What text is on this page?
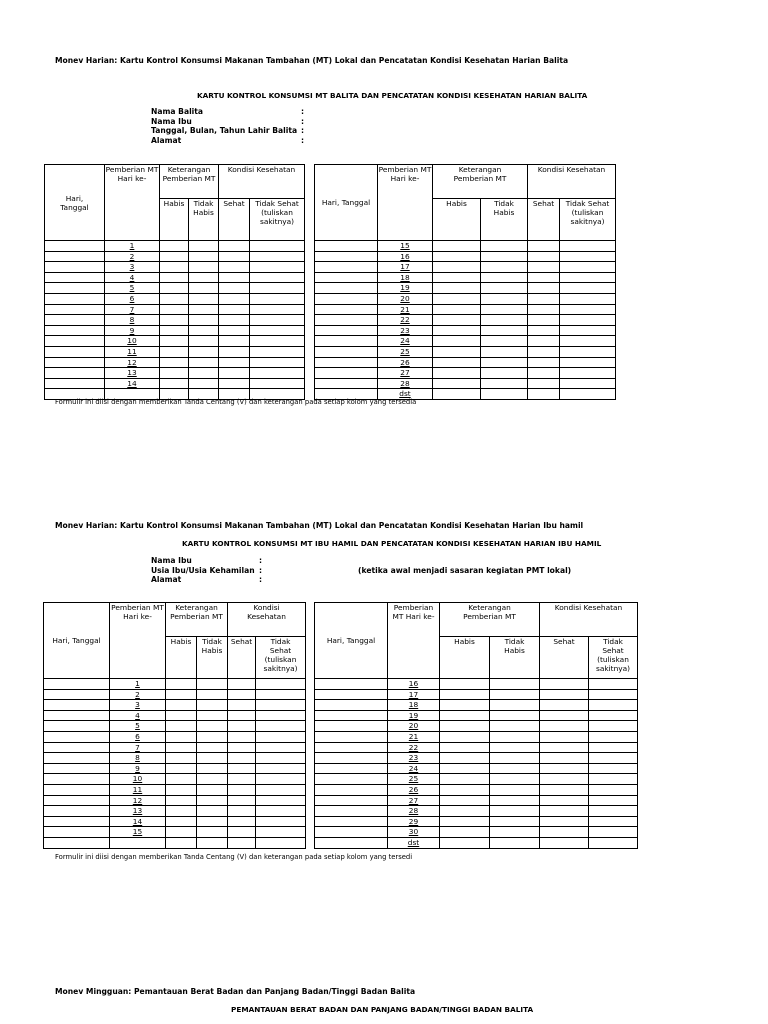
Monev Harian: Kartu Kontrol Konsumsi Makanan Tambahan (MT) Lokal dan Pencatatan Kondisi Kesehatan Harian Balita
KARTU KONTROL KONSUMSI MT BALITA DAN PENCATATAN KONDISI KESEHATAN HARIAN BALITA
Nama Balita	:
Nama Ibu	:
Tanggal, Bulan, Tahun Lahir Balita :
Alamat	:
Hari, Tanggal	Pemberian MT Hari ke-	Keterangan Pemberian MT		Kondisi Kesehatan	
		Habis	Tidak Habis	Sehat	Tidak Sehat (tuliskan sakitnya)
	1				
	2				
	3				
	4				
	5				
	6				
	7				
	8				
	9				
	10				
	11				
	12				
	13				
	14				

Hari, Tanggal	Pemberian MT Hari ke-	Keterangan Pemberian MT		Kondisi Kesehatan	
		Habis	Tidak Habis	Sehat	Tidak Sehat (tuliskan sakitnya)
	15				
	16				
	17				
	18				
	19				
	20				
	21				
	22				
	23				
	24				
	25				
	26				
	27				
	28				
	dst				
Formulir ini diisi dengan memberikan Tanda Centang (V) dan keterangan pada setiap kolom yang tersedia
Monev Harian: Kartu Kontrol Konsumsi Makanan Tambahan (MT) Lokal dan Pencatatan Kondisi Kesehatan Harian Ibu hamil
KARTU KONTROL KONSUMSI MT IBU HAMIL DAN PENCATATAN KONDISI KESEHATAN HARIAN IBU HAMIL
Nama Ibu	:
Usia Ibu/Usia Kehamilan :	(ketika awal menjadi sasaran kegiatan PMT lokal)
Alamat	:
Hari, Tanggal	Pemberian MT Hari ke-	Keterangan Pemberian MT		Kondisi Kesehatan	
		Habis	Tidak Habis	Sehat	Tidak Sehat (tuliskan sakitnya)
	1				
	2				
	3				
	4				
	5				
	6				
	7				
	8				
	9				
	10				
	11				
	12				
	13				
	14				
	15				

Hari, Tanggal	Pemberian MT Hari ke-	Keterangan Pemberian MT		Kondisi Kesehatan	
		Habis	Tidak Habis	Sehat	Tidak Sehat (tuliskan sakitnya)
	16				
	17				
	18				
	19				
	20				
	21				
	22				
	23				
	24				
	25				
	26				
	27				
	28				
	29				
	30				
	dst				
Formulir ini diisi dengan memberikan Tanda Centang (V) dan keterangan pada setiap kolom yang tersedi
Monev Mingguan: Pemantauan Berat Badan dan Panjang Badan/Tinggi Badan Balita
PEMANTAUAN BERAT BADAN DAN PANJANG BADAN/TINGGI BADAN BALITA
